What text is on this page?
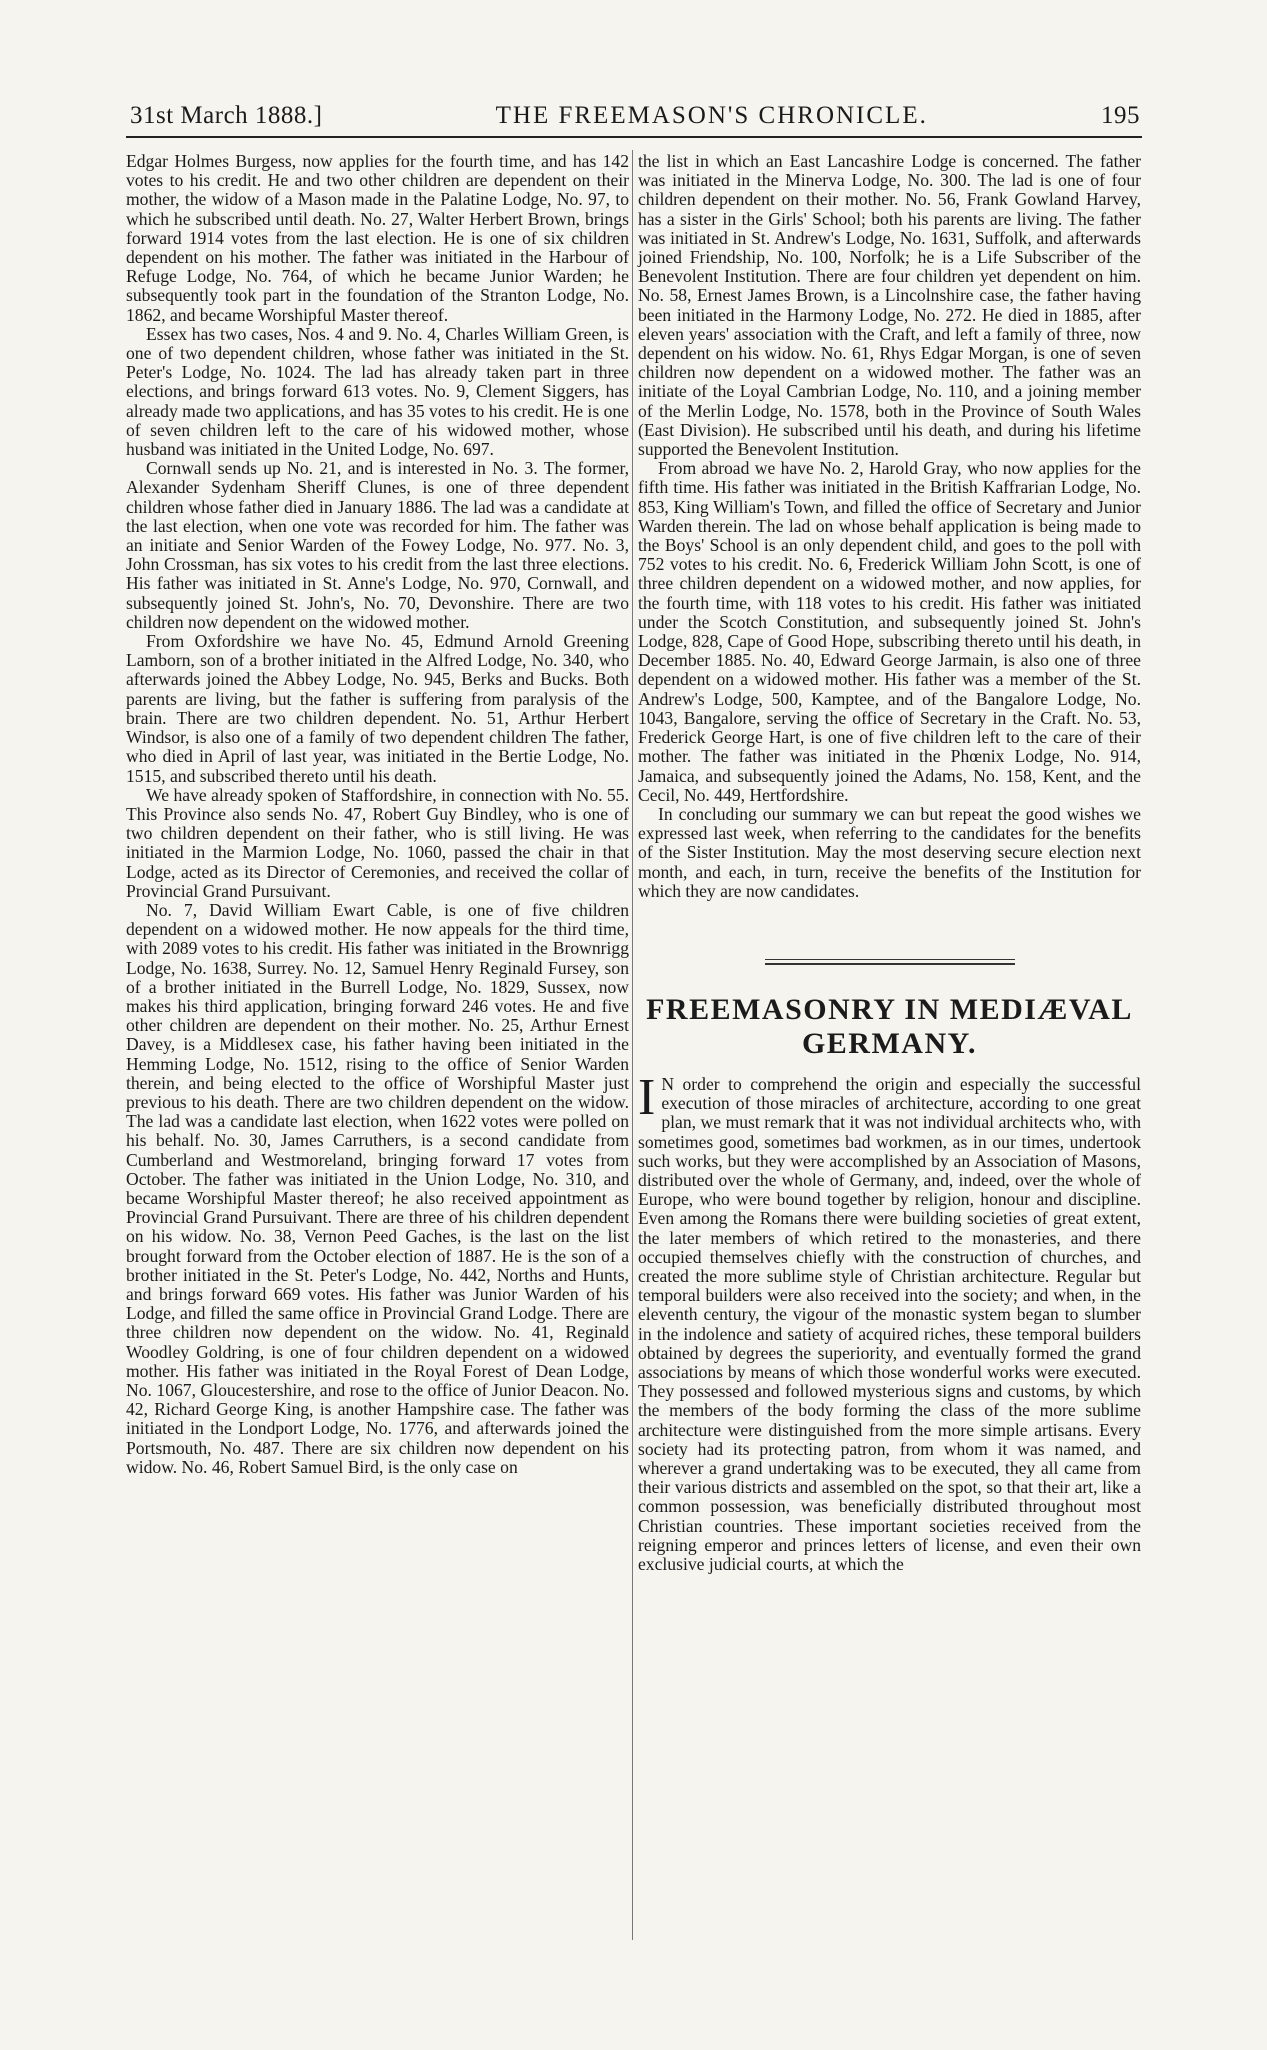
31st March 1888.]	THE FREEMASON'S CHRONICLE.	195

Edgar Holmes Burgess, now applies for the fourth time, and has 142 votes to his credit. He and two other children are dependent on their mother, the widow of a Mason made in the Palatine Lodge, No. 97, to which he subscribed until death. No. 27, Walter Herbert Brown, brings forward 1914 votes from the last election. He is one of six children dependent on his mother. The father was initiated in the Harbour of Refuge Lodge, No. 764, of which he became Junior Warden; he subsequently took part in the foundation of the Stranton Lodge, No. 1862, and became Worshipful Master thereof.

Essex has two cases, Nos. 4 and 9. No. 4, Charles William Green, is one of two dependent children, whose father was initiated in the St. Peter's Lodge, No. 1024. The lad has already taken part in three elections, and brings forward 613 votes. No. 9, Clement Siggers, has already made two applications, and has 35 votes to his credit. He is one of seven children left to the care of his widowed mother, whose husband was initiated in the United Lodge, No. 697.

Cornwall sends up No. 21, and is interested in No. 3. The former, Alexander Sydenham Sheriff Clunes, is one of three dependent children whose father died in January 1886. The lad was a candidate at the last election, when one vote was recorded for him. The father was an initiate and Senior Warden of the Fowey Lodge, No. 977. No. 3, John Crossman, has six votes to his credit from the last three elections. His father was initiated in St. Anne's Lodge, No. 970, Cornwall, and subsequently joined St. John's, No. 70, Devonshire. There are two children now dependent on the widowed mother.

From Oxfordshire we have No. 45, Edmund Arnold Greening Lamborn, son of a brother initiated in the Alfred Lodge, No. 340, who afterwards joined the Abbey Lodge, No. 945, Berks and Bucks. Both parents are living, but the father is suffering from paralysis of the brain. There are two children dependent. No. 51, Arthur Herbert Windsor, is also one of a family of two dependent children The father, who died in April of last year, was initiated in the Bertie Lodge, No. 1515, and subscribed thereto until his death.

We have already spoken of Staffordshire, in connection with No. 55. This Province also sends No. 47, Robert Guy Bindley, who is one of two children dependent on their father, who is still living. He was initiated in the Marmion Lodge, No. 1060, passed the chair in that Lodge, acted as its Director of Ceremonies, and received the collar of Provincial Grand Pursuivant.

No. 7, David William Ewart Cable, is one of five children dependent on a widowed mother. He now appeals for the third time, with 2089 votes to his credit. His father was initiated in the Brownrigg Lodge, No. 1638, Surrey. No. 12, Samuel Henry Reginald Fursey, son of a brother initiated in the Burrell Lodge, No. 1829, Sussex, now makes his third application, bringing forward 246 votes. He and five other children are dependent on their mother. No. 25, Arthur Ernest Davey, is a Middlesex case, his father having been initiated in the Hemming Lodge, No. 1512, rising to the office of Senior Warden therein, and being elected to the office of Worshipful Master just previous to his death. There are two children dependent on the widow. The lad was a candidate last election, when 1622 votes were polled on his behalf. No. 30, James Carruthers, is a second candidate from Cumberland and Westmoreland, bringing forward 17 votes from October. The father was initiated in the Union Lodge, No. 310, and became Worshipful Master thereof; he also received appointment as Provincial Grand Pursuivant. There are three of his children dependent on his widow. No. 38, Vernon Peed Gaches, is the last on the list brought forward from the October election of 1887. He is the son of a brother initiated in the St. Peter's Lodge, No. 442, Norths and Hunts, and brings forward 669 votes. His father was Junior Warden of his Lodge, and filled the same office in Provincial Grand Lodge. There are three children now dependent on the widow. No. 41, Reginald Woodley Goldring, is one of four children dependent on a widowed mother. His father was initiated in the Royal Forest of Dean Lodge, No. 1067, Gloucestershire, and rose to the office of Junior Deacon. No. 42, Richard George King, is another Hampshire case. The father was initiated in the Londport Lodge, No. 1776, and afterwards joined the Portsmouth, No. 487. There are six children now dependent on his widow. No. 46, Robert Samuel Bird, is the only case on

the list in which an East Lancashire Lodge is concerned. The father was initiated in the Minerva Lodge, No. 300. The lad is one of four children dependent on their mother. No. 56, Frank Gowland Harvey, has a sister in the Girls' School; both his parents are living. The father was initiated in St. Andrew's Lodge, No. 1631, Suffolk, and afterwards joined Friendship, No. 100, Norfolk; he is a Life Subscriber of the Benevolent Institution. There are four children yet dependent on him. No. 58, Ernest James Brown, is a Lincolnshire case, the father having been initiated in the Harmony Lodge, No. 272. He died in 1885, after eleven years' association with the Craft, and left a family of three, now dependent on his widow. No. 61, Rhys Edgar Morgan, is one of seven children now dependent on a widowed mother. The father was an initiate of the Loyal Cambrian Lodge, No. 110, and a joining member of the Merlin Lodge, No. 1578, both in the Province of South Wales (East Division). He subscribed until his death, and during his lifetime supported the Benevolent Institution.

From abroad we have No. 2, Harold Gray, who now applies for the fifth time. His father was initiated in the British Kaffrarian Lodge, No. 853, King William's Town, and filled the office of Secretary and Junior Warden therein. The lad on whose behalf application is being made to the Boys' School is an only dependent child, and goes to the poll with 752 votes to his credit. No. 6, Frederick William John Scott, is one of three children dependent on a widowed mother, and now applies, for the fourth time, with 118 votes to his credit. His father was initiated under the Scotch Constitution, and subsequently joined St. John's Lodge, 828, Cape of Good Hope, subscribing thereto until his death, in December 1885. No. 40, Edward George Jarmain, is also one of three dependent on a widowed mother. His father was a member of the St. Andrew's Lodge, 500, Kamptee, and of the Bangalore Lodge, No. 1043, Bangalore, serving the office of Secretary in the Craft. No. 53, Frederick George Hart, is one of five children left to the care of their mother. The father was initiated in the Phœnix Lodge, No. 914, Jamaica, and subsequently joined the Adams, No. 158, Kent, and the Cecil, No. 449, Hertfordshire.

In concluding our summary we can but repeat the good wishes we expressed last week, when referring to the candidates for the benefits of the Sister Institution. May the most deserving secure election next month, and each, in turn, receive the benefits of the Institution for which they are now candidates.

FREEMASONRY IN MEDIÆVAL GERMANY.

I N order to comprehend the origin and especially the successful execution of those miracles of architecture, according to one great plan, we must remark that it was not individual architects who, with sometimes good, sometimes bad workmen, as in our times, undertook such works, but they were accomplished by an Association of Masons, distributed over the whole of Germany, and, indeed, over the whole of Europe, who were bound together by religion, honour and discipline. Even among the Romans there were building societies of great extent, the later members of which retired to the monasteries, and there occupied themselves chiefly with the construction of churches, and created the more sublime style of Christian architecture. Regular but temporal builders were also received into the society; and when, in the eleventh century, the vigour of the monastic system began to slumber in the indolence and satiety of acquired riches, these temporal builders obtained by degrees the superiority, and eventually formed the grand associations by means of which those wonderful works were executed. They possessed and followed mysterious signs and customs, by which the members of the body forming the class of the more sublime architecture were distinguished from the more simple artisans. Every society had its protecting patron, from whom it was named, and wherever a grand undertaking was to be executed, they all came from their various districts and assembled on the spot, so that their art, like a common possession, was beneficially distributed throughout most Christian countries. These important societies received from the reigning emperor and princes letters of license, and even their own exclusive judicial courts, at which the
